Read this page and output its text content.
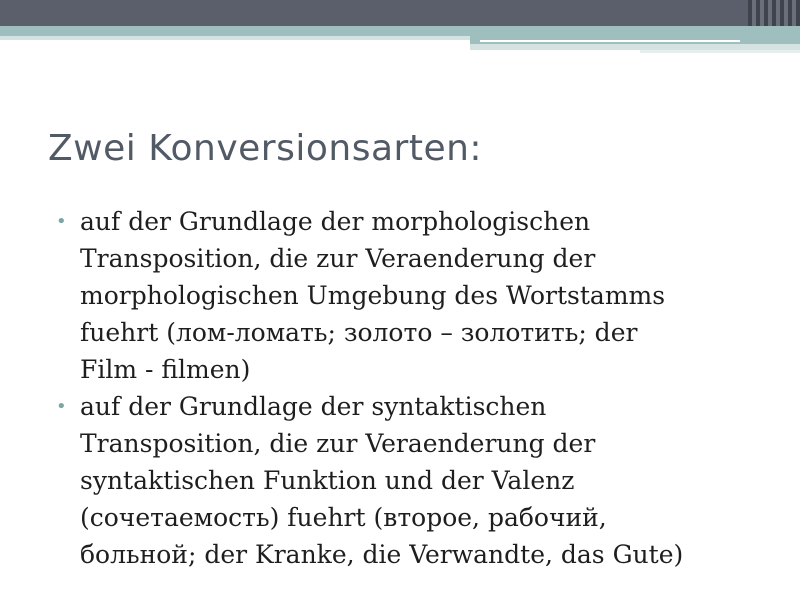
Zwei Konversionsarten:
• auf der Grundlage der morphologischen
Transposition, die zur Veraenderung der
morphologischen Umgebung des Wortstamms
fuehrt (лом-ломать; золото – золотить; der
Film - filmen)
• auf der Grundlage der syntaktischen
Transposition, die zur Veraenderung der
syntaktischen Funktion und der Valenz
(сочетаемость) fuehrt (второе, рабочий,
больной; der Kranke, die Verwandte, das Gute)
